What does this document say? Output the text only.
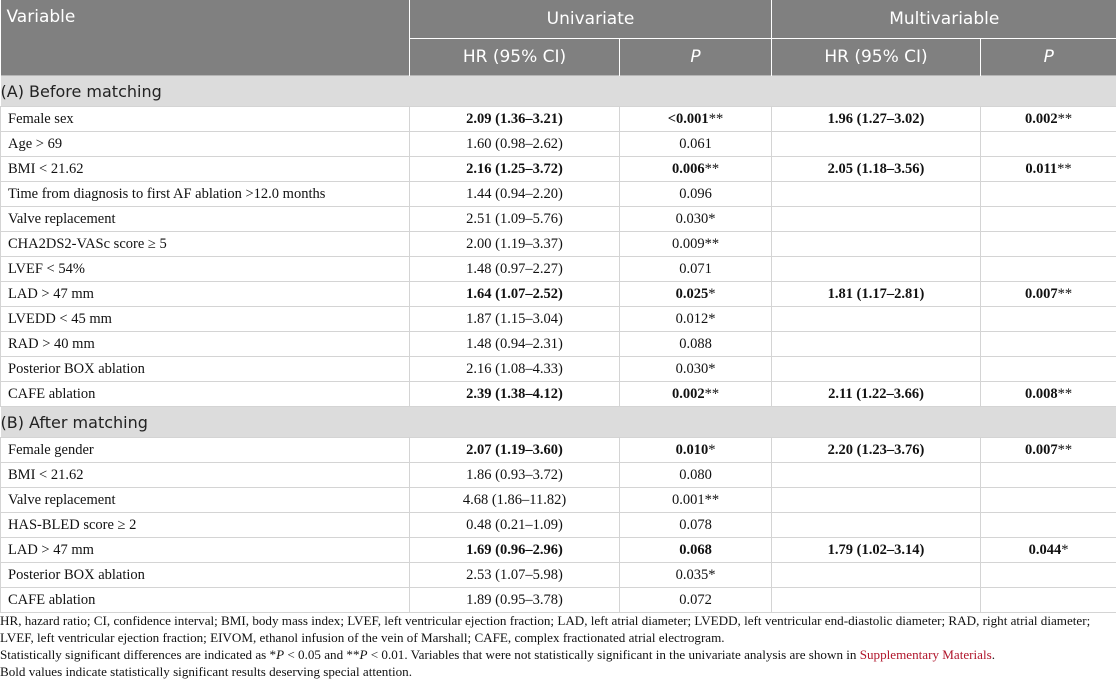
Variable	Univariate		Multivariable	
	HR (95% CI)	P	HR (95% CI)	P
(A) Before matching				
Female sex	2.09 (1.36–3.21)	<0.001**	1.96 (1.27–3.02)	0.002**
Age > 69	1.60 (0.98–2.62)	0.061		
BMI < 21.62	2.16 (1.25–3.72)	0.006**	2.05 (1.18–3.56)	0.011**
Time from diagnosis to first AF ablation >12.0 months	1.44 (0.94–2.20)	0.096		
Valve replacement	2.51 (1.09–5.76)	0.030*		
CHA2DS2-VASc score ≥ 5	2.00 (1.19–3.37)	0.009**		
LVEF < 54%	1.48 (0.97–2.27)	0.071		
LAD > 47 mm	1.64 (1.07–2.52)	0.025*	1.81 (1.17–2.81)	0.007**
LVEDD < 45 mm	1.87 (1.15–3.04)	0.012*		
RAD > 40 mm	1.48 (0.94–2.31)	0.088		
Posterior BOX ablation	2.16 (1.08–4.33)	0.030*		
CAFE ablation	2.39 (1.38–4.12)	0.002**	2.11 (1.22–3.66)	0.008**
(B) After matching				
Female gender	2.07 (1.19–3.60)	0.010*	2.20 (1.23–3.76)	0.007**
BMI < 21.62	1.86 (0.93–3.72)	0.080		
Valve replacement	4.68 (1.86–11.82)	0.001**		
HAS-BLED score ≥ 2	0.48 (0.21–1.09)	0.078		
LAD > 47 mm	1.69 (0.96–2.96)	0.068	1.79 (1.02–3.14)	0.044*
Posterior BOX ablation	2.53 (1.07–5.98)	0.035*		
CAFE ablation	1.89 (0.95–3.78)	0.072		

HR, hazard ratio; CI, confidence interval; BMI, body mass index; LVEF, left ventricular ejection fraction; LAD, left atrial diameter; LVEDD, left ventricular end-diastolic diameter; RAD, right atrial diameter; LVEF, left ventricular ejection fraction; EIVOM, ethanol infusion of the vein of Marshall; CAFE, complex fractionated atrial electrogram.

Statistically significant differences are indicated as *P < 0.05 and **P < 0.01. Variables that were not statistically significant in the univariate analysis are shown in Supplementary Materials.

Bold values indicate statistically significant results deserving special attention.
